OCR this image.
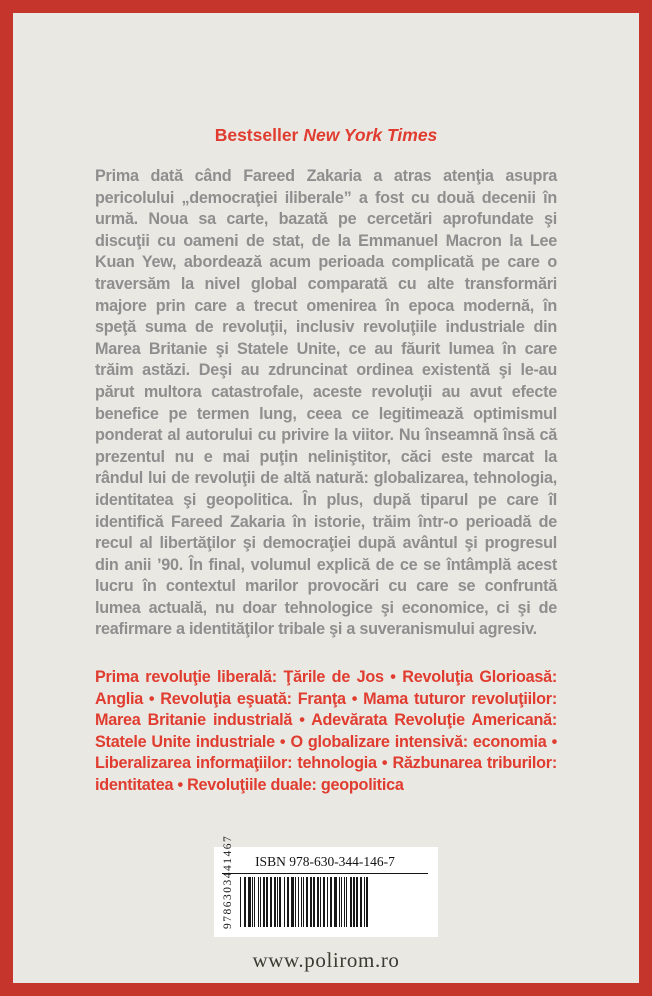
Bestseller New York Times

Prima dată când Fareed Zakaria a atras atenţia asupra pericolului „democraţiei iliberale” a fost cu două decenii în urmă. Noua sa carte, bazată pe cercetări aprofundate şi discuţii cu oameni de stat, de la Emmanuel Macron la Lee Kuan Yew, abordează acum perioada complicată pe care o traversăm la nivel global comparată cu alte transformări majore prin care a trecut omenirea în epoca modernă, în speţă suma de revoluţii, inclusiv revoluţiile industriale din Marea Britanie şi Statele Unite, ce au făurit lumea în care trăim astăzi. Deşi au zdruncinat ordinea existentă şi le-au părut multora catastrofale, aceste revoluţii au avut efecte benefice pe termen lung, ceea ce legitimează optimismul ponderat al autorului cu privire la viitor. Nu înseamnă însă că prezentul nu e mai puţin neliniştitor, căci este marcat la rândul lui de revoluţii de altă natură: globalizarea, tehnologia, identitatea şi geopolitica. În plus, după tiparul pe care îl identifică Fareed Zakaria în istorie, trăim într-o perioadă de recul al libertăţilor şi democraţiei după avântul şi progresul din anii ’90. În final, volumul explică de ce se întâmplă acest lucru în contextul marilor provocări cu care se confruntă lumea actuală, nu doar tehnologice şi economice, ci şi de reafirmare a identităţilor tribale şi a suveranismului agresiv.

Prima revoluţie liberală: Ţările de Jos • Revoluţia Glorioasă: Anglia • Revoluţia eşuată: Franţa • Mama tuturor revoluţiilor: Marea Britanie industrială • Adevărata Revoluţie Americană: Statele Unite industriale • O globalizare intensivă: economia • Liberalizarea informaţiilor: tehnologia • Răzbunarea triburilor: identitatea • Revoluţiile duale: geopolitica

ISBN 978-630-344-146-7
9786303441467
www.polirom.ro
